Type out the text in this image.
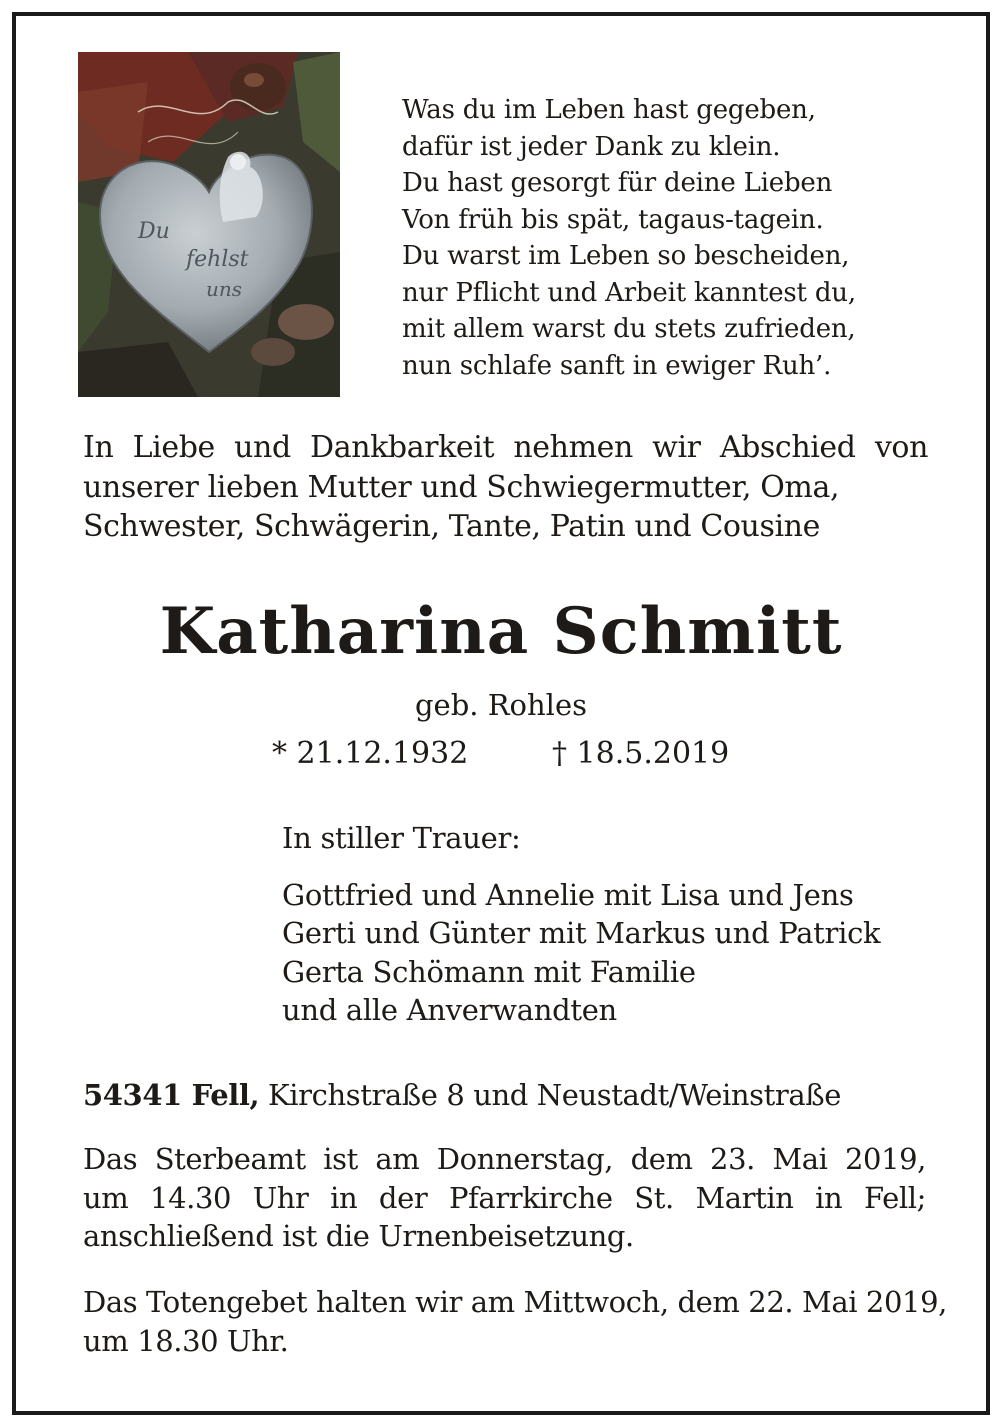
Du
fehlst
uns
Was du im Leben hast gegeben,
dafür ist jeder Dank zu klein.
Du hast gesorgt für deine Lieben
Von früh bis spät, tagaus-tagein.
Du warst im Leben so bescheiden,
nur Pflicht und Arbeit kanntest du,
mit allem warst du stets zufrieden,
nun schlafe sanft in ewiger Ruh’.
In Liebe und Dankbarkeit nehmen wir Abschied von
unserer lieben Mutter und Schwiegermutter, Oma,
Schwester, Schwägerin, Tante, Patin und Cousine
Katharina Schmitt
geb. Rohles
* 21.12.1932	† 18.5.2019
In stiller Trauer:
Gottfried und Annelie mit Lisa und Jens
Gerti und Günter mit Markus und Patrick
Gerta Schömann mit Familie
und alle Anverwandten
54341 Fell, Kirchstraße 8 und Neustadt/Weinstraße
Das Sterbeamt ist am Donnerstag, dem 23. Mai 2019,
um 14.30 Uhr in der Pfarrkirche St. Martin in Fell;
anschließend ist die Urnenbeisetzung.
Das Totengebet halten wir am Mittwoch, dem 22. Mai 2019,
um 18.30 Uhr.
